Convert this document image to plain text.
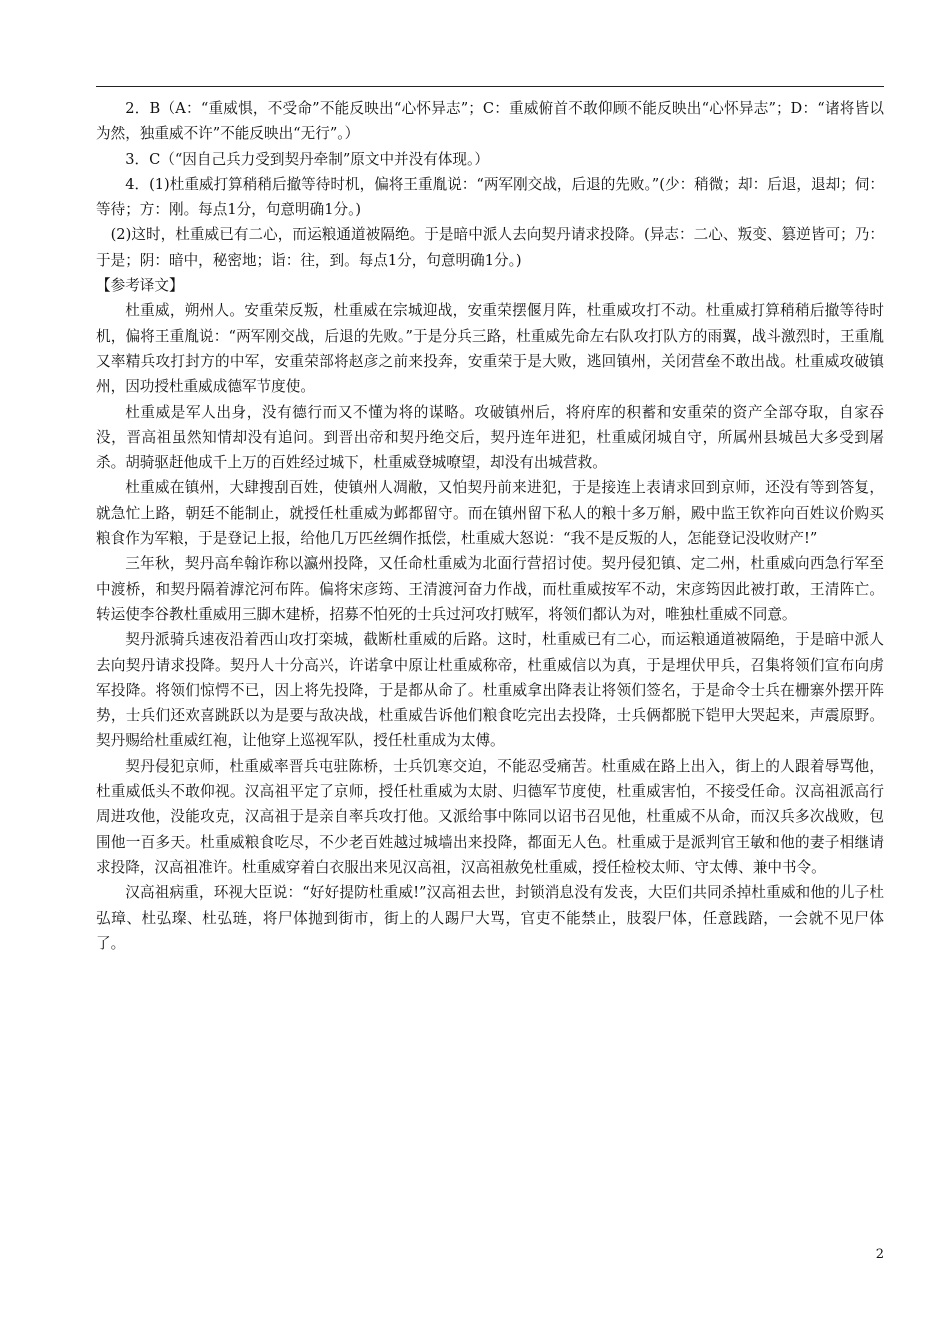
2．B（A：“重威惧，不受命”不能反映出“心怀异志”；C：重威俯首不敢仰顾不能反映出“心怀异志”；D：“诸将皆以为然，独重威不许”不能反映出“无行”。）

3．C（“因自己兵力受到契丹牵制”原文中并没有体现。）

4．(1)杜重威打算稍稍后撤等待时机，偏将王重胤说：“两军刚交战，后退的先败。”(少：稍微；却：后退，退却；伺：等待；方：刚。每点1分，句意明确1分。)

(2)这时，杜重威已有二心，而运粮通道被隔绝。于是暗中派人去向契丹请求投降。(异志：二心、叛变、篡逆皆可；乃：于是；阴：暗中，秘密地；诣：往，到。每点1分，句意明确1分。)

【参考译文】

杜重威，朔州人。安重荣反叛，杜重威在宗城迎战，安重荣摆偃月阵，杜重威攻打不动。杜重威打算稍稍后撤等待时机，偏将王重胤说：“两军刚交战，后退的先败。”于是分兵三路，杜重威先命左右队攻打队方的雨翼，战斗激烈时，王重胤又率精兵攻打封方的中军，安重荣部将赵彦之前来投奔，安重荣于是大败，逃回镇州，关闭营垒不敢出战。杜重威攻破镇州，因功授杜重威成德军节度使。

杜重威是军人出身，没有德行而又不懂为将的谋略。攻破镇州后，将府库的积蓄和安重荣的资产全部夺取，自家吞没，晋高祖虽然知情却没有追问。到晋出帝和契丹绝交后，契丹连年进犯，杜重威闭城自守，所属州县城邑大多受到屠杀。胡骑驱赶他成千上万的百姓经过城下，杜重威登城嘹望，却没有出城营救。

杜重威在镇州，大肆搜刮百姓，使镇州人凋敝，又怕契丹前来进犯，于是接连上表请求回到京师，还没有等到答复，就急忙上路，朝廷不能制止，就授任杜重威为邺都留守。而在镇州留下私人的粮十多万斛，殿中监王钦祚向百姓议价购买粮食作为军粮，于是登记上报，给他几万匹丝绸作抵偿，杜重威大怒说：“我不是反叛的人，怎能登记没收财产!”

三年秋，契丹高牟翰诈称以瀛州投降，又任命杜重威为北面行营招讨使。契丹侵犯镇、定二州，杜重威向西急行军至中渡桥，和契丹隔着滹沱河布阵。偏将宋彦筠、王清渡河奋力作战，而杜重威按军不动，宋彦筠因此被打敢，王清阵亡。转运使李谷教杜重威用三脚木建桥，招募不怕死的士兵过河攻打贼军，将领们都认为对，唯独杜重威不同意。

契丹派骑兵速夜沿着西山攻打栾城，截断杜重威的后路。这时，杜重威已有二心，而运粮通道被隔绝，于是暗中派人去向契丹请求投降。契丹人十分高兴，许诺拿中原让杜重威称帝，杜重威信以为真，于是埋伏甲兵，召集将领们宣布向虏军投降。将领们惊愕不已，因上将先投降，于是都从命了。杜重威拿出降表让将领们签名，于是命令士兵在栅寨外摆开阵势，士兵们还欢喜跳跃以为是要与敌决战，杜重威告诉他们粮食吃完出去投降，士兵俩都脱下铠甲大哭起来，声震原野。契丹赐给杜重威红袍，让他穿上巡视军队，授任杜重成为太傅。

契丹侵犯京师，杜重威率晋兵屯驻陈桥，士兵饥寒交迫，不能忍受痛苦。杜重威在路上出入，街上的人跟着辱骂他，杜重威低头不敢仰视。汉高祖平定了京师，授任杜重威为太尉、归德军节度使，杜重威害怕，不接受任命。汉高祖派高行周进攻他，没能攻克，汉高祖于是亲自率兵攻打他。又派给事中陈同以诏书召见他，杜重威不从命，而汉兵多次战败，包围他一百多天。杜重威粮食吃尽，不少老百姓越过城墙出来投降，都面无人色。杜重威于是派判官王敏和他的妻子相继请求投降，汉高祖准许。杜重威穿着白衣服出来见汉高祖，汉高祖赦免杜重威，授任检校太师、守太傅、兼中书令。

汉高祖病重，环视大臣说：“好好提防杜重威!”汉高祖去世，封锁消息没有发丧，大臣们共同杀掉杜重威和他的儿子杜弘璋、杜弘璨、杜弘琏，将尸体抛到街市，街上的人踢尸大骂，官吏不能禁止，肢裂尸体，任意践踏，一会就不见尸体了。

2
